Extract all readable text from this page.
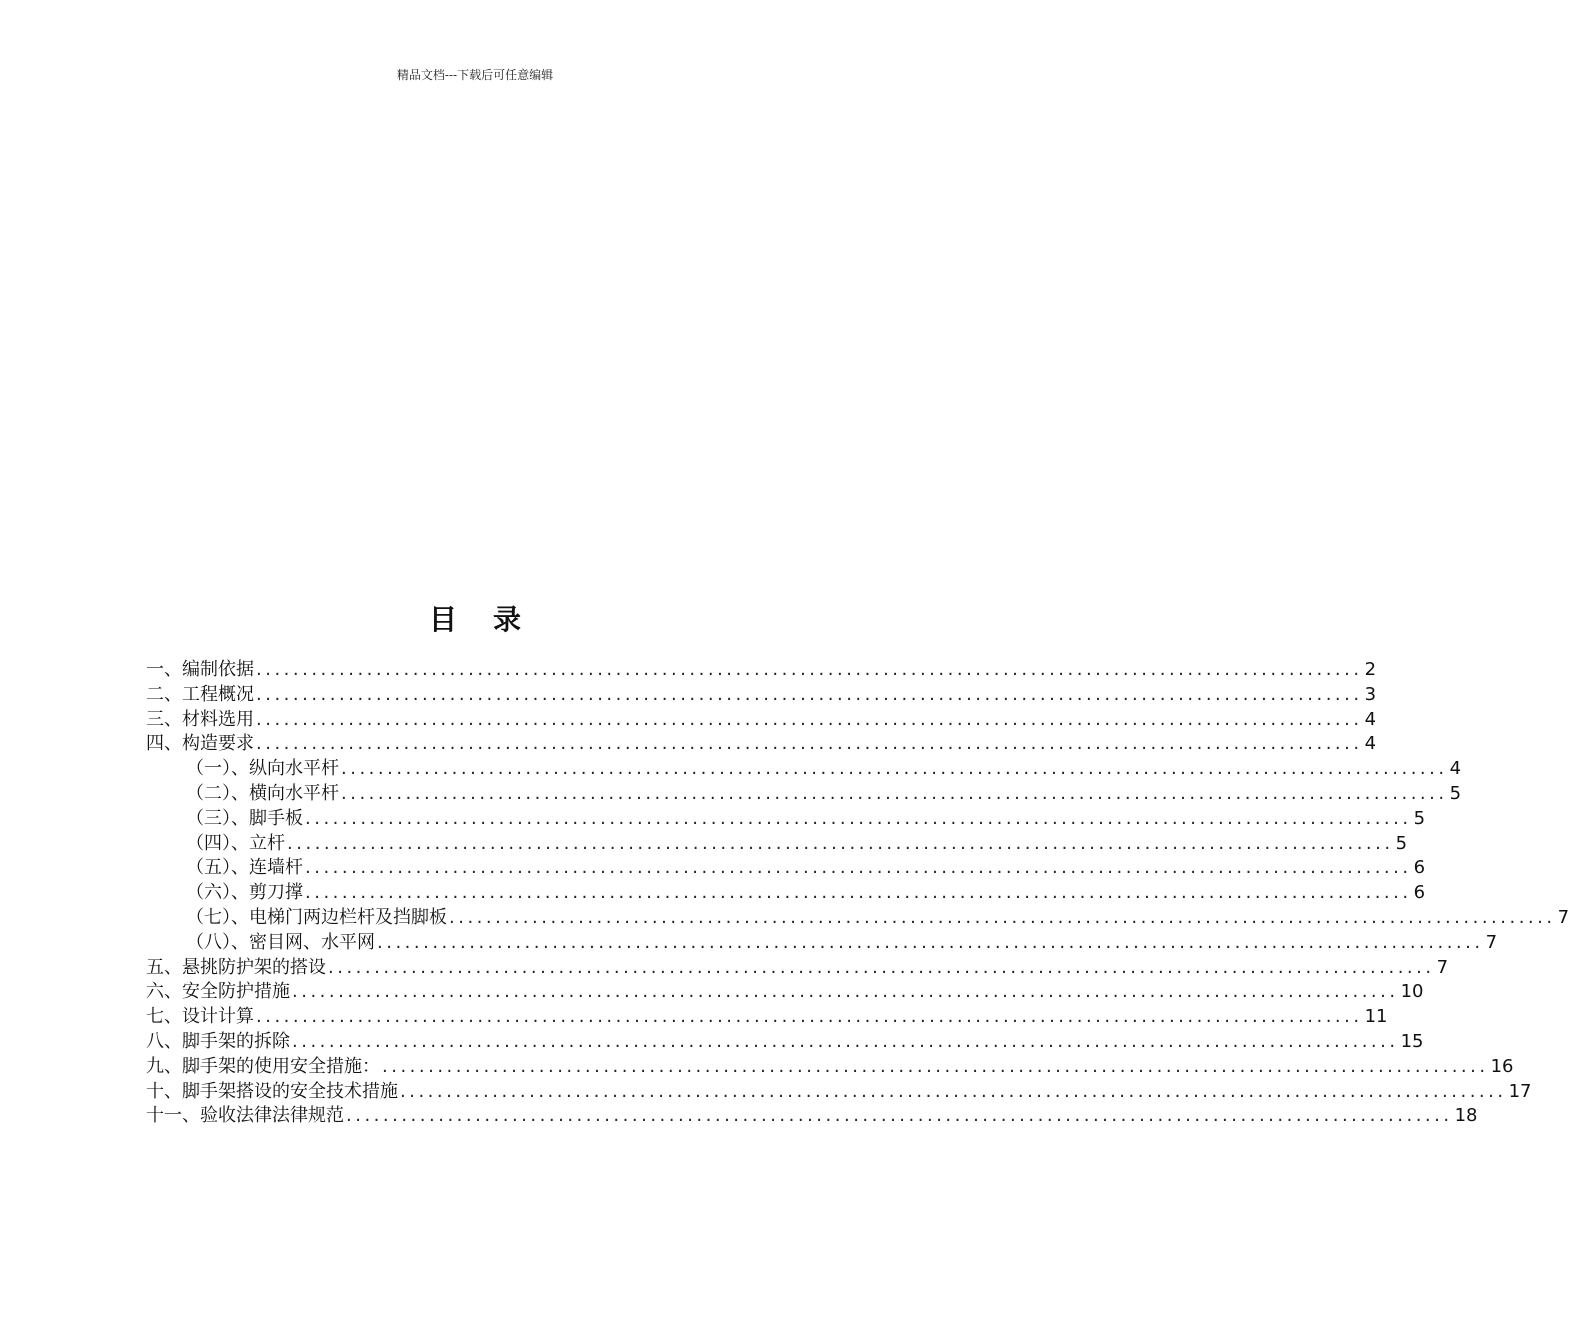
精品文档---下载后可任意编辑
目录
一、编制依据 ........................................................................................................................ 2
二、工程概况 ........................................................................................................................ 3
三、材料选用 ........................................................................................................................ 4
四、构造要求 ........................................................................................................................ 4
（一）、纵向水平杆 ........................................................................................................................ 4
（二）、横向水平杆 ........................................................................................................................ 5
（三）、脚手板 ........................................................................................................................ 5
（四）、立杆 ........................................................................................................................ 5
（五）、连墙杆 ........................................................................................................................ 6
（六）、剪刀撑 ........................................................................................................................ 6
（七）、电梯门两边栏杆及挡脚板 ........................................................................................................................ 7
（八）、密目网、水平网 ........................................................................................................................ 7
五、悬挑防护架的搭设 ........................................................................................................................ 7
六、安全防护措施 ........................................................................................................................ 10
七、设计计算 ........................................................................................................................ 11
八、脚手架的拆除 ........................................................................................................................ 15
九、脚手架的使用安全措施： ........................................................................................................................ 16
十、脚手架搭设的安全技术措施 ........................................................................................................................ 17
十一、验收法律法律规范 ........................................................................................................................ 18
